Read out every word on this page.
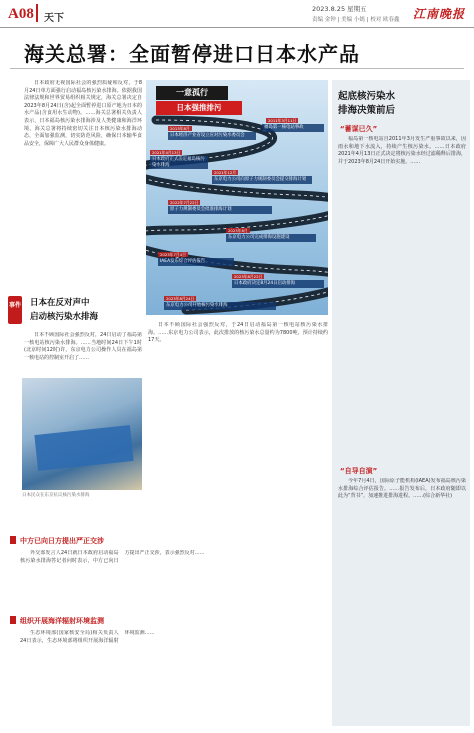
A08 天下
2023.8.25 星期五
责编 金钟 | 美编 小嫣 | 校对 欧春鑫	江南晚报
海关总署：全面暂停进口日本水产品

日本政府无视国际社会的强烈质疑和反对，于8月24日单方面强行启动福岛核污染水排海。依据我国法律法规和世界贸易组织相关规定，海关总署决定自2023年8月24日(含)起全面暂停进口原产地为日本的水产品(含食用水生动物)。……海关总署相关负责人表示，日本福岛核污染水排海涉及人类健康和海洋环境，海关总署将持续密切关注日本核污染水排海动态，全面加强监测，切实防范风险，确保日本输华食品安全，保障广大人民群众身体健康。

事件 日本在反对声中
启动核污染水排海

日本不顾国际社会强烈反对，24日启动了福岛第一核电站核污染水排海。……当地时间24日下午1时(北京时间12时)许，东京电力公司操作人员在福岛第一核电站的控制室开启了……

一意孤行
日本强推排污
2011年3月11日
福岛第一核电站事故
2013年8月
日本经济产业省设立应对污染水委员会
2021年4月13日
日本政府正式决定福岛核污染水排海
2021年12月
东京电力公司向原子力规制委员会提交排海计划
2022年7月22日
原子力规制委员会批准排海计划
2023年6月
东京电力公司完成排海设施建设
2023年7月4日
IAEA发布综合评估报告
2023年8月22日
日本政府决定8月24日启动排海
2023年8月24日
东京电力公司开始核污染水排海
起底核污染水
排海决策前后
“蓄谋已久”

福岛第一核电站自2011年3月发生严重事故以来，因雨水和地下水流入，持续产生核污染水。……日本政府2021年4月13日正式决定将核污染水经过滤稀释后排海，并于2023年8月24日开始实施。……

“自导自演”

今年7月4日，国际原子能机构(IAEA)发布福岛核污染水排海综合评估报告。……报告发布后，日本政府随即以此为“背书”，加速推进排海进程。……(综合新华社)

日本不顾国际社会强烈反对，于24日启动福岛第一核电站核污染水排海。……东京电力公司表示，此次排放的核污染水总量约为7800吨，预计持续约17天。

日本民众在东京抗议核污染水排海
中方已向日方提出严正交涉

外交部发言人24日就日本政府启动福岛核污染水排海答记者问时表示，中方已向日方提出严正交涉，表示强烈反对……

组织开展海洋辐射环境监测

生态环境部(国家核安全局)相关负责人24日表示，生态环境部将组织开展海洋辐射环境监测……
